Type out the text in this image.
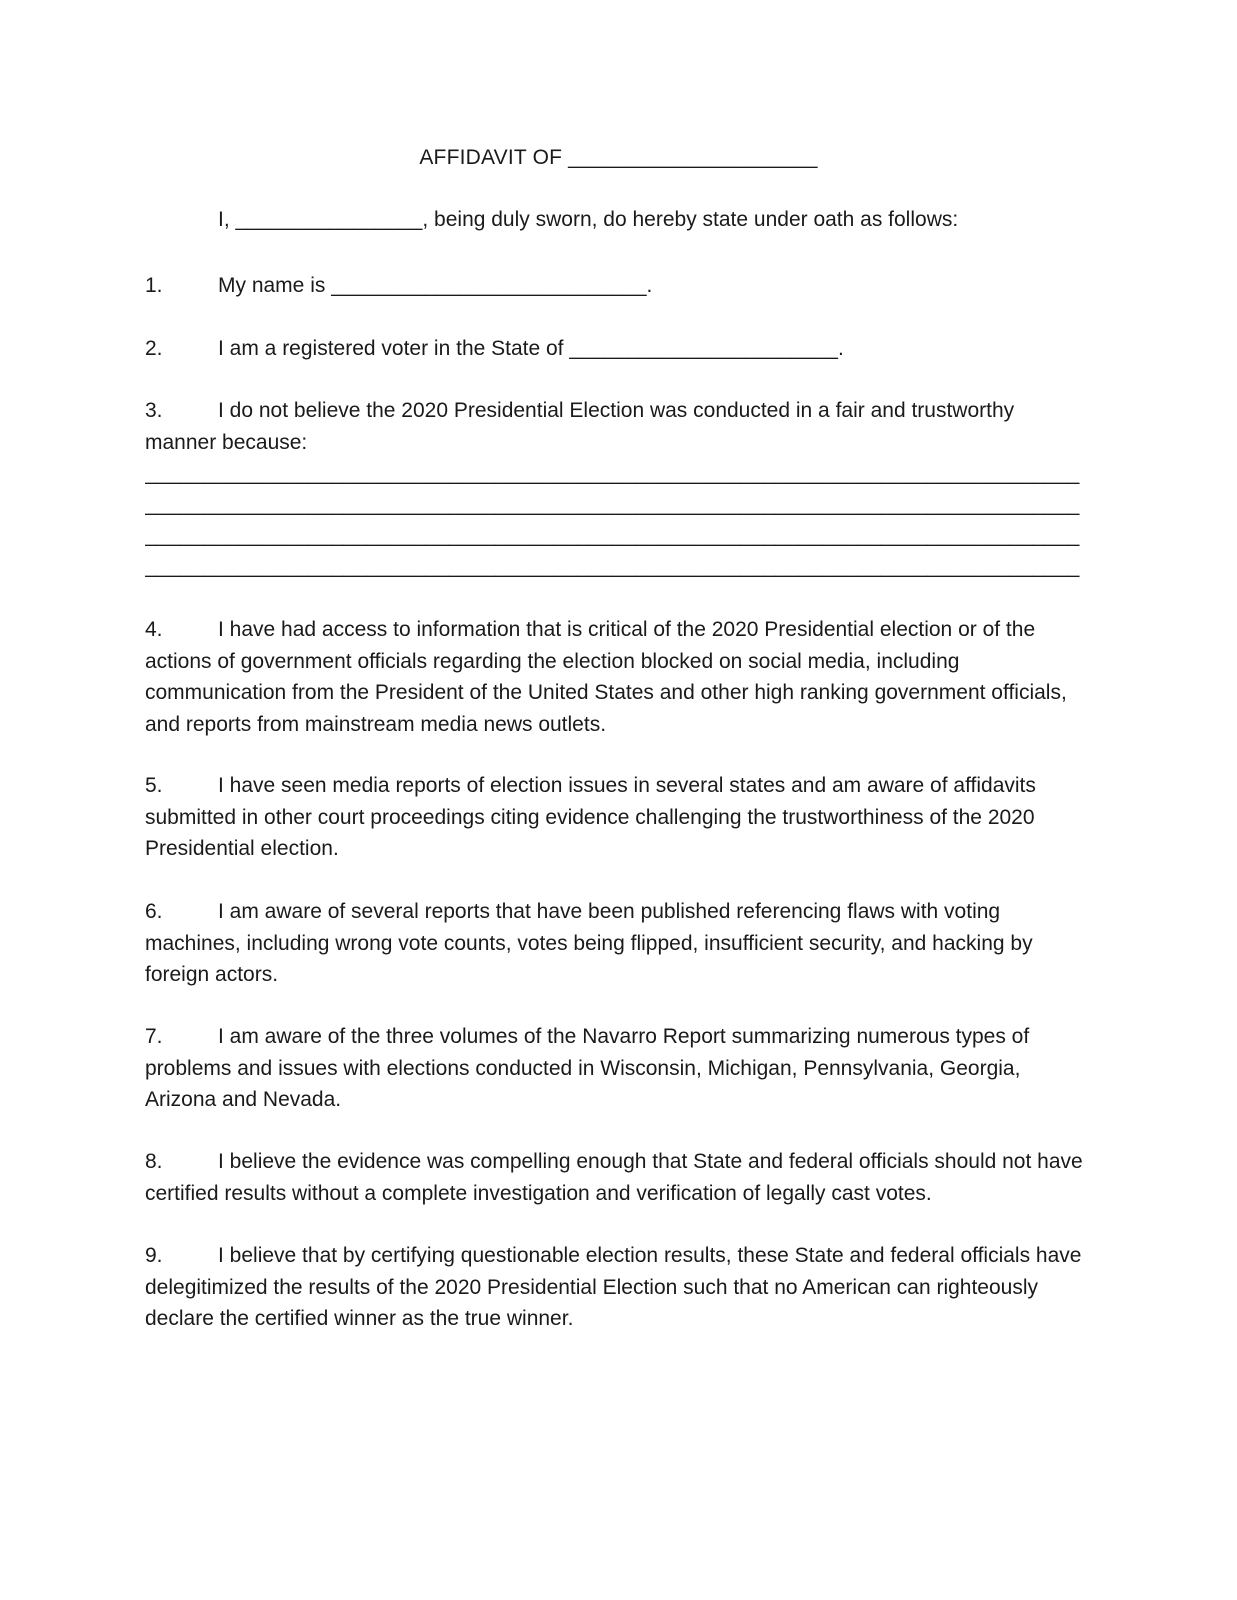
AFFIDAVIT OF _____________________
I, ________________, being duly sworn, do hereby state under oath as follows:
1.	My name is ___________________________.
2.	I am a registered voter in the State of _______________________.
3.	I do not believe the 2020 Presidential Election was conducted in a fair and trustworthy manner because:
________________________________________________________________________________
________________________________________________________________________________
________________________________________________________________________________
________________________________________________________________________________
4.	I have had access to information that is critical of the 2020 Presidential election or of the actions of government officials regarding the election blocked on social media, including communication from the President of the United States and other high ranking government officials, and reports from mainstream media news outlets.
5.	I have seen media reports of election issues in several states and am aware of affidavits submitted in other court proceedings citing evidence challenging the trustworthiness of the 2020 Presidential election.
6.	I am aware of several reports that have been published referencing flaws with voting machines, including wrong vote counts, votes being flipped, insufficient security, and hacking by foreign actors.
7.	I am aware of the three volumes of the Navarro Report summarizing numerous types of problems and issues with elections conducted in Wisconsin, Michigan, Pennsylvania, Georgia, Arizona and Nevada.
8.	I believe the evidence was compelling enough that State and federal officials should not have certified results without a complete investigation and verification of legally cast votes.
9.	I believe that by certifying questionable election results, these State and federal officials have delegitimized the results of the 2020 Presidential Election such that no American can righteously declare the certified winner as the true winner.
